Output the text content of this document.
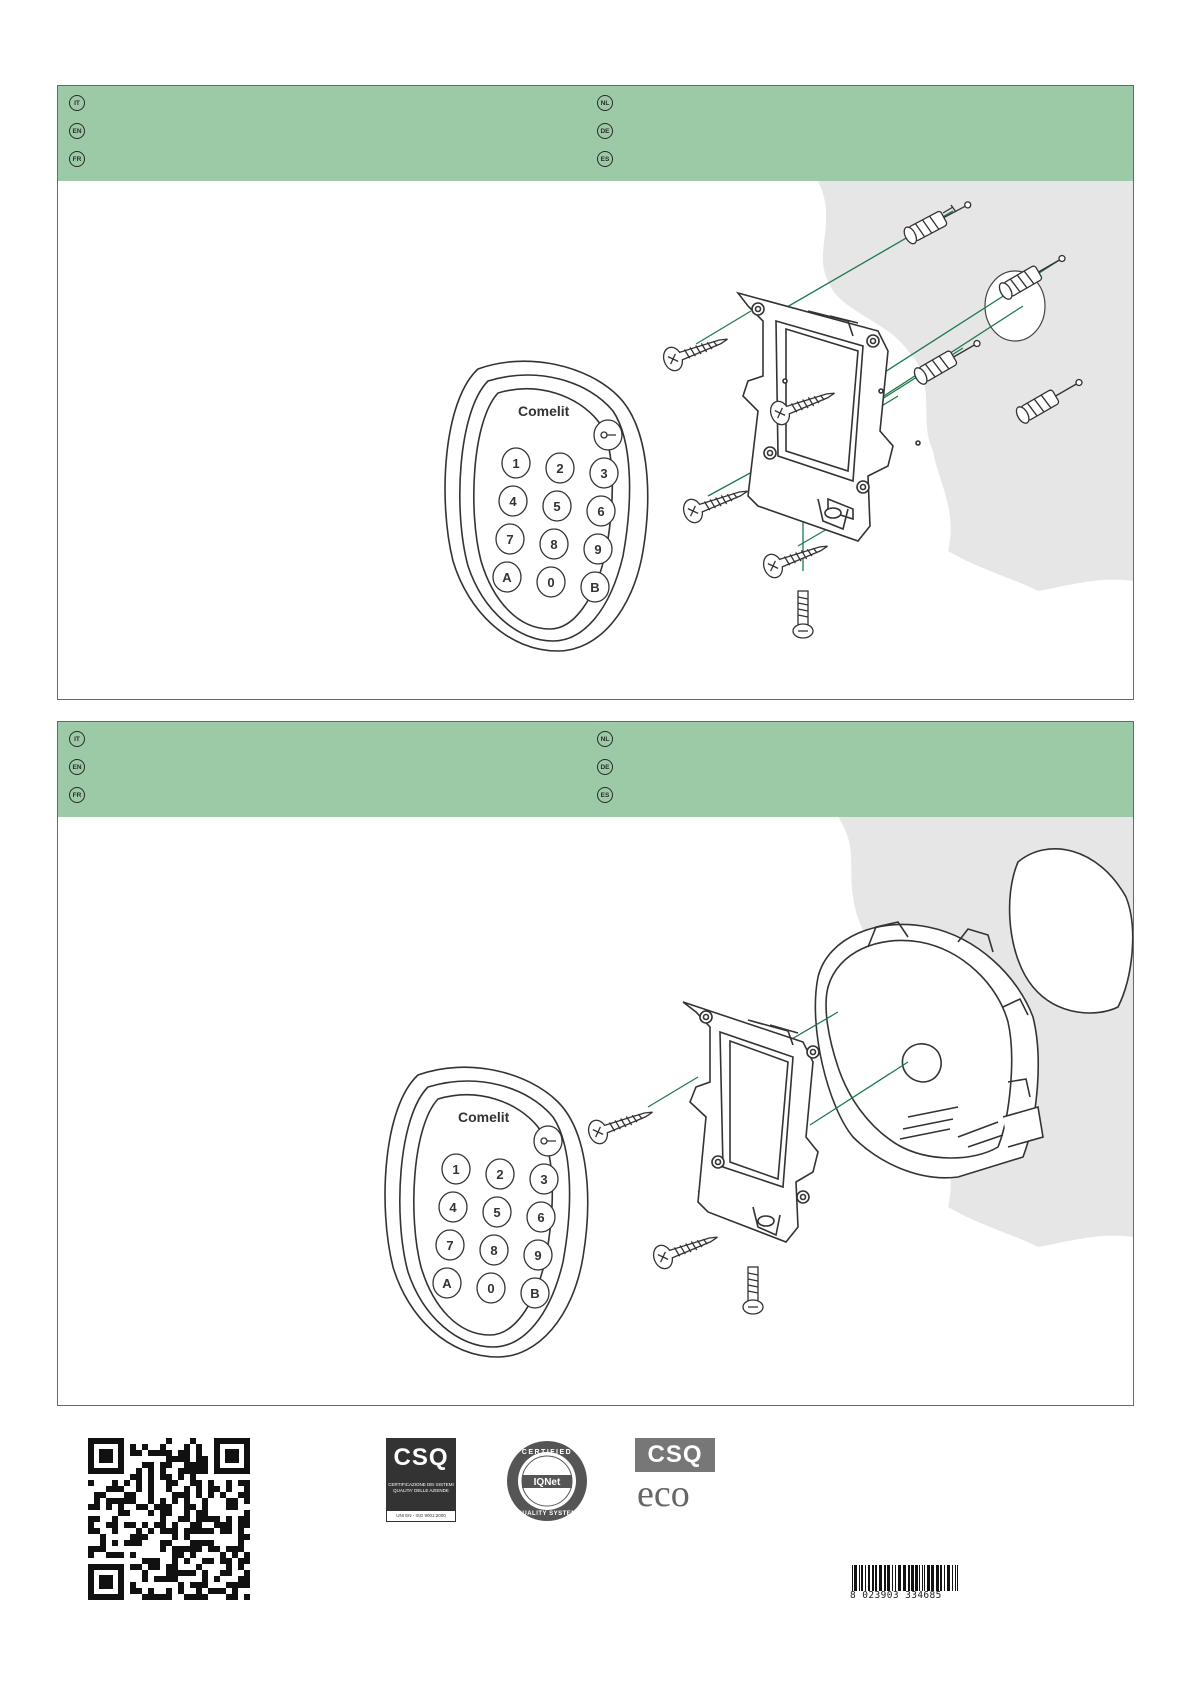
IT
EN
FR
NL
DE
ES
Comelit
1	2	3
4	5	6
7	8	9
A	0	B
IT
EN
FR
NL
DE
ES
Comelit
1	2	3
4	5	6
7	8	9
A	0	B
CSQ
CERTIFICAZIONE DEI SISTEMI
QUALITA' DELLE AZIENDE
UNI EN - ISO 9001:2000
IQNet
CERTIFIED
QUALITY SYSTEM
CSQ
eco
8 023903 334685
